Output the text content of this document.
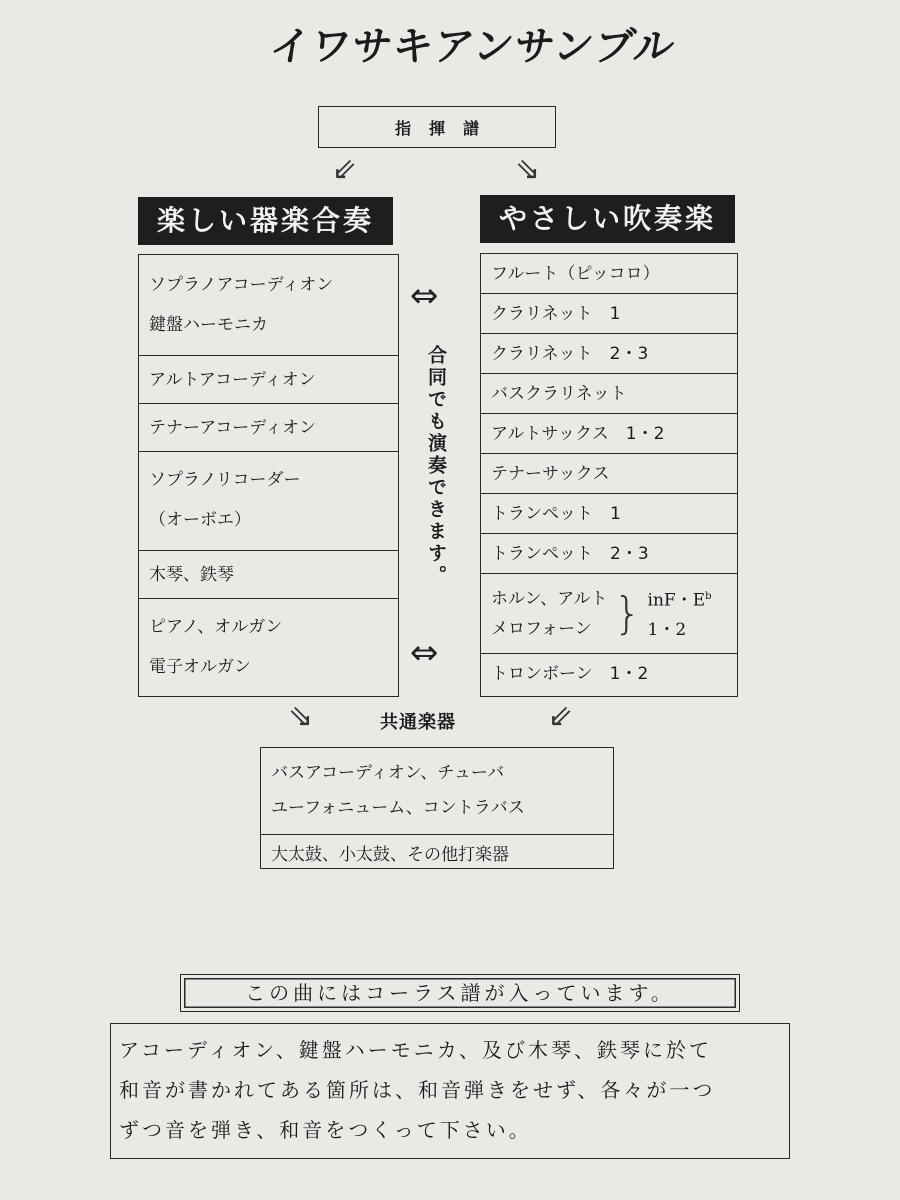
イワサキアンサンブル
指揮譜
⇙	⇘
楽しい器楽合奏	やさしい吹奏楽
ソプラノアコーディオン
鍵盤ハーモニカ
アルトアコーディオン
テナーアコーディオン
ソプラノリコーダー
（オーボエ）
木琴、鉄琴
ピアノ、オルガン
電子オルガン
⇔
合同でも演奏できます。
⇔
フルート（ピッコロ）
クラリネット　1
クラリネット　2・3
バスクラリネット
アルトサックス　1・2
テナーサックス
トランペット　1
トランペット　2・3
ホルン、アルト
メロフォーン } inF・$E^b$
1・2
トロンボーン　1・2
⇘	共通楽器	⇙
バスアコーディオン、チューバ
ユーフォニューム、コントラバス
大太鼓、小太鼓、その他打楽器
この曲にはコーラス譜が入っています。
アコーディオン、鍵盤ハーモニカ、及び木琴、鉄琴に於て
和音が書かれてある箇所は、和音弾きをせず、各々が一つ
ずつ音を弾き、和音をつくって下さい。
